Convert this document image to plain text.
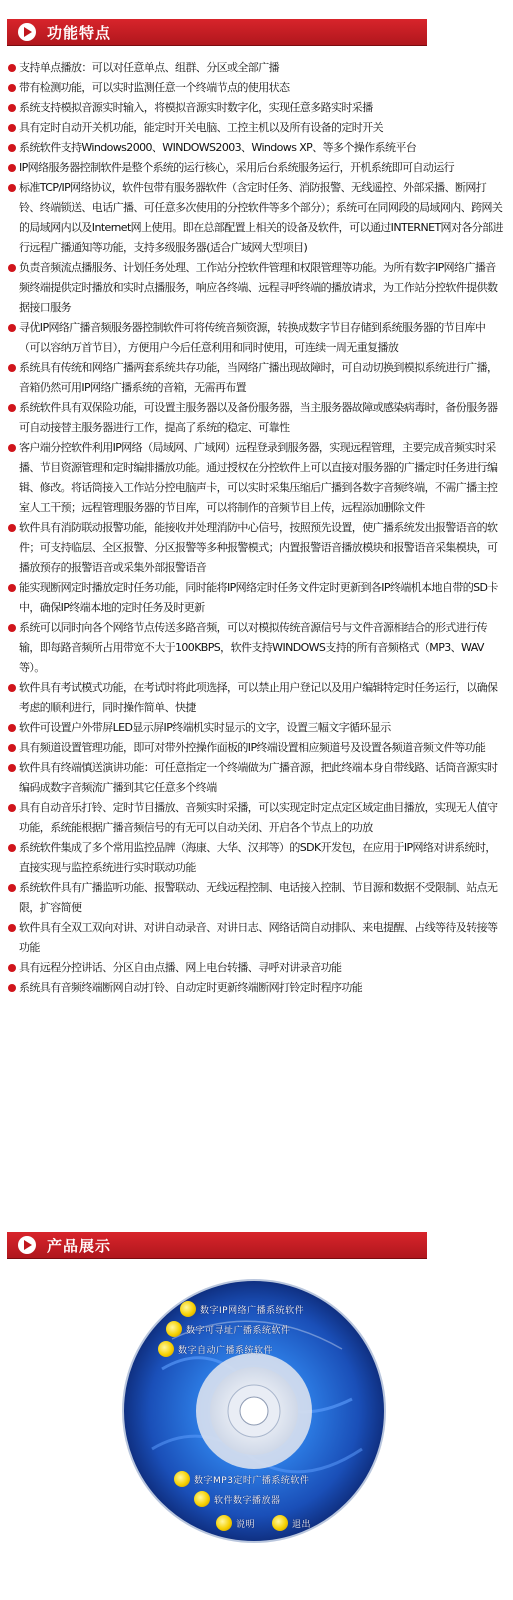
功能特点
支持单点播放：可以对任意单点、组群、分区或全部广播
带有检测功能，可以实时监测任意一个终端节点的使用状态
系统支持模拟音源实时输入，将模拟音源实时数字化，实现任意多路实时采播
具有定时自动开关机功能，能定时开关电脑、工控主机以及所有设备的定时开关
系统软件支持Windows2000、WINDOWS2003、Windows XP、等多个操作系统平台
IP网络服务器控制软件是整个系统的运行核心，采用后台系统服务运行，开机系统即可自动运行
标准TCP/IP网络协议，软件包带有服务器软件（含定时任务、消防报警、无线遥控、外部采播、断网打铃、终端锁送、电话广播、可任意多次使用的分控软件等多个部分）；系统可在同网段的局域网内、跨网关的局域网内以及Internet网上使用。即在总部配置上相关的设备及软件，可以通过INTERNET网对各分部进行远程广播通知等功能，支持多级服务器(适合广域网大型项目)
负责音频流点播服务、计划任务处理、工作站分控软件管理和权限管理等功能。为所有数字IP网络广播音频终端提供定时播放和实时点播服务，响应各终端、远程寻呼终端的播放请求，为工作站分控软件提供数据接口服务
寻优IP网络广播音频服务器控制软件可将传统音频资源，转换成数字节目存储到系统服务器的节目库中（可以容纳万首节目），方便用户今后任意利用和同时使用，可连续一周无重复播放
系统具有传统和网络广播两套系统共存功能，当网络广播出现故障时，可自动切换到模拟系统进行广播，音箱仍然可用IP网络广播系统的音箱，无需再布置
系统软件具有双保险功能，可设置主服务器以及备份服务器，当主服务器故障或感染病毒时，备份服务器可自动接替主服务器进行工作，提高了系统的稳定、可靠性
客户端分控软件利用IP网络（局域网、广域网）远程登录到服务器，实现远程管理，主要完成音频实时采播、节目资源管理和定时编排播放功能。通过授权在分控软件上可以直接对服务器的广播定时任务进行编辑、修改。将话筒接入工作站分控电脑声卡，可以实时采集压缩后广播到各数字音频终端，不需广播主控室人工干预；远程管理服务器的节目库，可以将制作的音频节目上传，远程添加删除文件
软件具有消防联动报警功能，能接收并处理消防中心信号，按照预先设置，使广播系统发出报警语音的软件；可支持临层、全区报警、分区报警等多种报警模式；内置报警语音播放模块和报警语音采集模块，可播放预存的报警语音或采集外部报警语音
能实现断网定时播放定时任务功能，同时能将IP网络定时任务文件定时更新到各IP终端机本地自带的SD卡中，确保IP终端本地的定时任务及时更新
系统可以同时向各个网络节点传送多路音频，可以对模拟传统音源信号与文件音源相结合的形式进行传输，即每路音频所占用带宽不大于100KBPS，软件支持WINDOWS支持的所有音频格式（MP3、WAV等）。
软件具有考试模式功能，在考试时将此项选择，可以禁止用户登记以及用户编辑特定时任务运行，以确保考虑的顺利进行，同时操作简单、快捷
软件可设置户外带屏LED显示屏IP终端机实时显示的文字，设置三幅文字循环显示
具有频道设置管理功能，即可对带外控操作面板的IP终端设置相应频道号及设置各频道音频文件等功能
软件具有终端慎送演讲功能：可任意指定一个终端做为广播音源，把此终端本身自带线路、话筒音源实时编码成数字音频流广播到其它任意多个终端
具有自动音乐打铃、定时节目播放、音频实时采播，可以实现定时定点定区域定曲目播放，实现无人值守功能，系统能根据广播音频信号的有无可以自动关闭、开启各个节点上的功放
系统软件集成了多个常用监控品牌（海康、大华、汉邦等）的SDK开发包，在应用于IP网络对讲系统时，直接实现与监控系统进行实时联动功能
系统软件具有广播监听功能、报警联动、无线远程控制、电话接入控制、节目源和数据不受限制、站点无限，扩容简便
软件具有全双工双向对讲、对讲自动录音、对讲日志、网络话筒自动排队、来电提醒、占线等待及转接等功能
具有远程分控讲话、分区自由点播、网上电台转播、寻呼对讲录音功能
系统具有音频终端断网自动打铃、自动定时更新终端断网打铃定时程序功能
产品展示
数字IP网络广播系统软件
数字可寻址广播系统软件
数字自动广播系统软件
数字MP3定时广播系统软件
软件数字播放器
说明	退出
